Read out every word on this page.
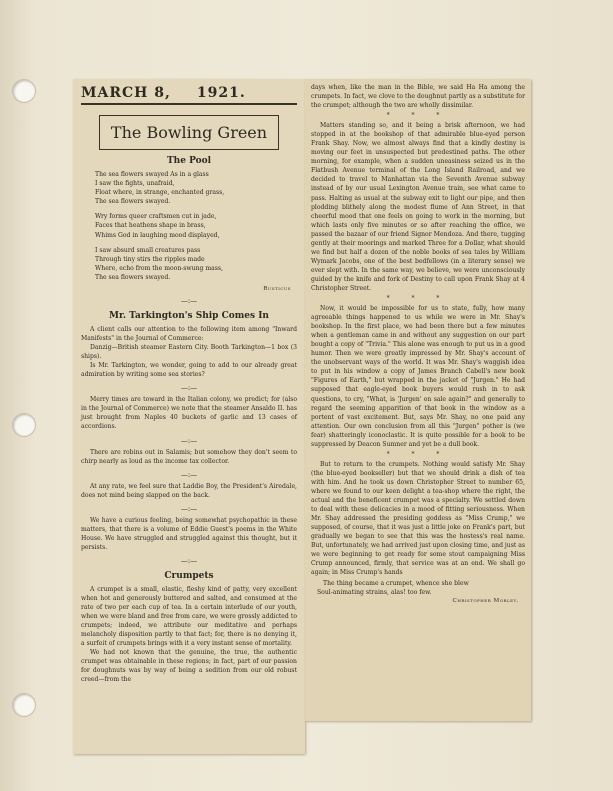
MARCH 8, 1921.
The Bowling Green
The Pool
The sea flowers swayed As in a glass
I saw the fights, unafraid,
Float where, in strange, enchanted grass,
The sea flowers swayed.
Wry forms queer craftsmen cut in jade,
Faces that heathens shape in brass,
Whims God in laughing mood displayed,
I saw absurd small creatures pass
Through tiny stirs the ripples made
Where, echo from the moon-swung mass,
The sea flowers swayed.
Rusticus
—:—
Mr. Tarkington's Ship Comes In

A client calls our attention to the following item among "Inward Manifests" in the Journal of Commerce:

Danzig—British steamer Eastern City. Booth Tarkington—1 box (3 ships).

Is Mr. Tarkington, we wonder, going to add to our already great admiration by writing some sea stories?

—:—

Merry times are toward in the Italian colony, we predict; for (also in the Journal of Commerce) we note that the steamer Ansaldo II. has just brought from Naples 40 buckets of garlic and 13 cases of accordions.

—:—

There are robins out in Salamis; but somehow they don't seem to chirp nearly as loud as the income tax collector.

—:—

At any rate, we feel sure that Laddie Boy, the President's Airedale, does not mind being slapped on the back.

—:—

We have a curious feeling, being somewhat psychopathic in these matters, that there is a volume of Eddie Guest's poems in the White House. We have struggled and struggled against this thought, but it persists.

—:—
Crumpets

A crumpet is a small, elastic, fleshy kind of patty, very excellent when hot and generously buttered and salted, and consumed at the rate of two per each cup of tea. In a certain interlude of our youth, when we were bland and free from care, we were grossly addicted to crumpets; indeed, we attribute our meditative and perhaps melancholy disposition partly to that fact; for, there is no denying it, a surfeit of crumpets brings with it a very instant sense of mortality.

We had not known that the genuine, the true, the authentic crumpet was obtainable in these regions; in fact, part of our passion for doughnuts was by way of being a sedition from our old robust creed—from the

days when, like the man in the Bible, we said Ha Ha among the crumpets. In fact, we clove to the doughnut partly as a substitute for the crumpet; although the two are wholly dissimilar.

* * *

Matters standing so, and it being a brisk afternoon, we had stopped in at the bookshop of that admirable blue-eyed person Frank Shay. Now, we almost always find that a kindly destiny is moving our feet in unsuspected but predestined paths. The other morning, for example, when a sudden uneasiness seized us in the Flatbush Avenue terminal of the Long Island Railroad, and we decided to travel to Manhattan via the Seventh Avenue subway instead of by our usual Lexington Avenue train, see what came to pass. Halting as usual at the subway exit to light our pipe, and then plodding blithely along the modest flume of Ann Street, in that cheerful mood that one feels on going to work in the morning, but which lasts only five minutes or so after reaching the office, we passed the bazaar of our friend Signor Mendoza. And there, tugging gently at their moorings and marked Three for a Dollar, what should we find but half a dozen of the noble books of sea tales by William Wymark Jacobs, one of the best bedfellows (in a literary sense) we ever slept with. In the same way, we believe, we were unconsciously guided by the knife and fork of Destiny to call upon Frank Shay at 4 Christopher Street.

* * *

Now, it would be impossible for us to state, fully, how many agreeable things happened to us while we were in Mr. Shay's bookshop. In the first place, we had been there but a few minutes when a gentleman came in and without any suggestion on our part bought a copy of "Trivia." This alone was enough to put us in a good humor. Then we were greatly impressed by Mr. Shay's account of the unobservant ways of the world. It was Mr. Shay's waggish idea to put in his window a copy of James Branch Cabell's new book "Figures of Earth," but wrapped in the jacket of "Jurgen." He had supposed that eagle-eyed book buyers would rush in to ask questions, to cry, "What, is 'Jurgen' on sale again?" and generally to regard the seeming apparition of that book in the window as a portent of vast excitement. But, says Mr. Shay, no one paid any attention. Our own conclusion from all this "Jurgen" pother is (we fear) shatteringly iconoclastic. It is quite possible for a book to be suppressed by Deacon Sumner and yet be a dull book.

* * *

But to return to the crumpets. Nothing would satisfy Mr. Shay (the blue-eyed bookseller) but that we should drink a dish of tea with him. And he took us down Christopher Street to number 65, where we found to our keen delight a tea-shop where the right, the actual and the beneficent crumpet was a specialty. We settled down to deal with these delicacies in a mood of fitting seriousness. When Mr. Shay addressed the presiding goddess as "Miss Crump," we supposed, of course, that it was just a little joke on Frank's part, but gradually we began to see that this was the hostess's real name. But, unfortunately, we had arrived just upon closing time, and just as we were beginning to get ready for some stout campaigning Miss Crump announced, firmly, that service was at an end. We shall go again; in Miss Crump's hands

The thing became a crumpet, whence she blew

Soul-animating strains, alas! too few.

Christopher Morley.
